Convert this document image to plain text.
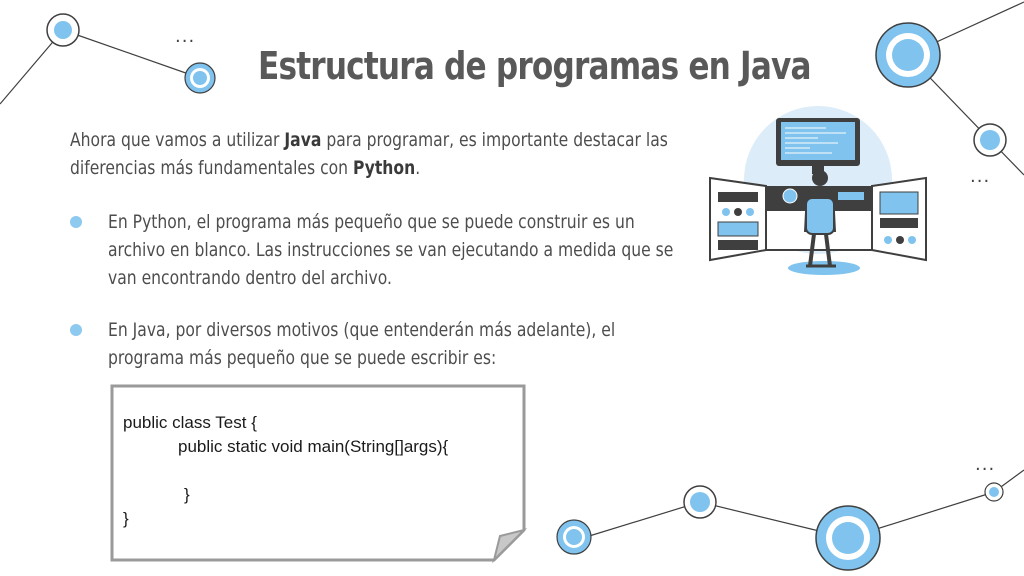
...
...
...
Estructura de programas en Java

Ahora que vamos a utilizar Java para programar, es importante destacar las diferencias más fundamentales con Python.

En Python, el programa más pequeño que se puede construir es un archivo en blanco. Las instrucciones se van ejecutando a medida que se van encontrando dentro del archivo.

En Java, por diversos motivos (que entenderán más adelante), el programa más pequeño que se puede escribir es:

public class Test {

public static void main(String[]args){

}

}
